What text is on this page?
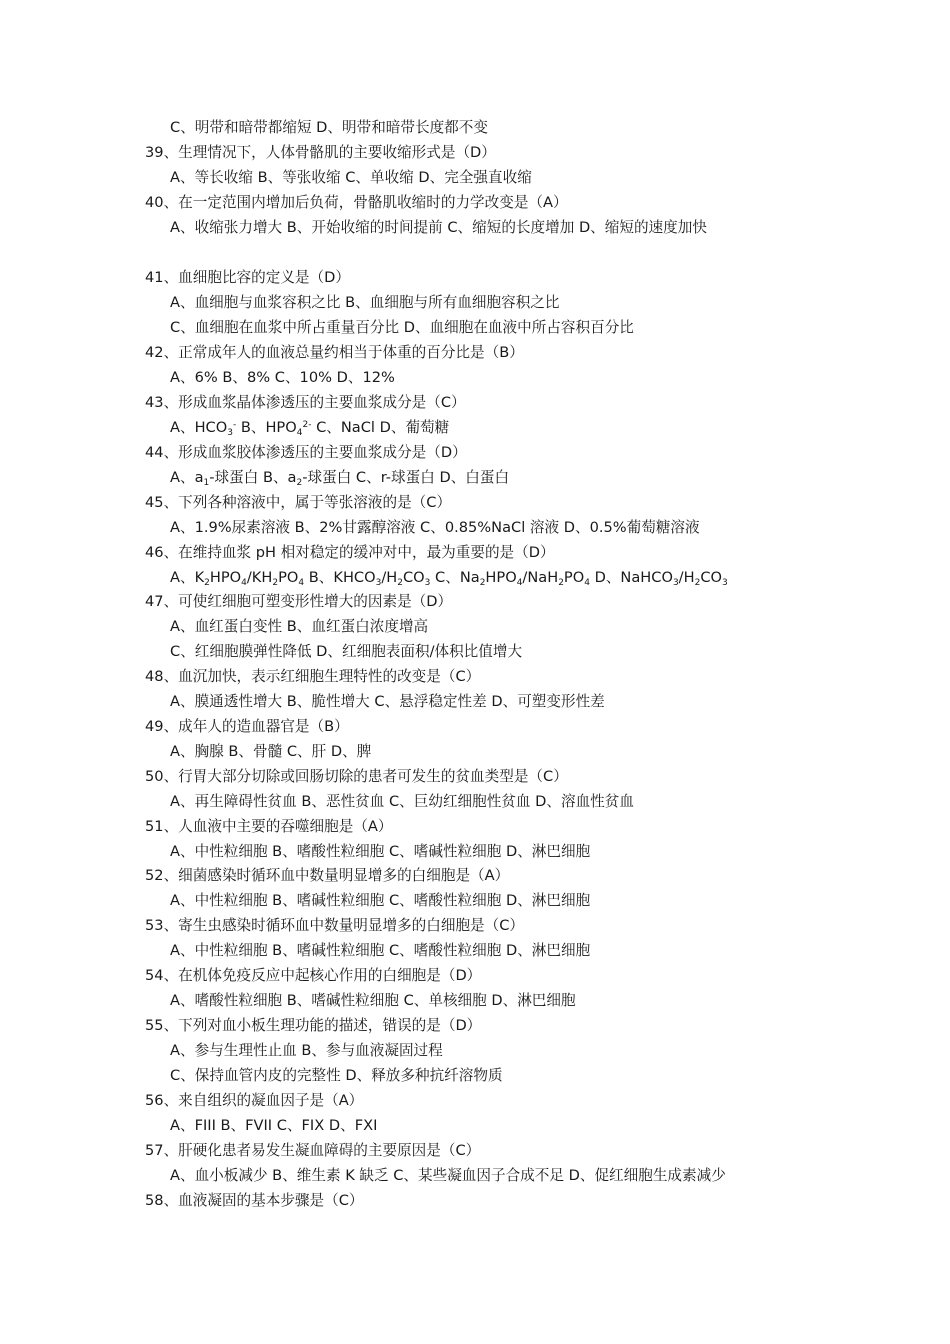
C、明带和暗带都缩短 D、明带和暗带长度都不变
39、生理情况下，人体骨骼肌的主要收缩形式是（D）
A、等长收缩 B、等张收缩 C、单收缩 D、完全强直收缩
40、在一定范围内增加后负荷，骨骼肌收缩时的力学改变是（A）
A、收缩张力增大 B、开始收缩的时间提前 C、缩短的长度增加 D、缩短的速度加快
41、血细胞比容的定义是（D）
A、血细胞与血浆容积之比 B、血细胞与所有血细胞容积之比
C、血细胞在血浆中所占重量百分比 D、血细胞在血液中所占容积百分比
42、正常成年人的血液总量约相当于体重的百分比是（B）
A、6% B、8% C、10% D、12%
43、形成血浆晶体渗透压的主要血浆成分是（C）
A、$HCO_3^-$ B、$HPO_4^{2-}$ C、NaCl D、葡萄糖
44、形成血浆胶体渗透压的主要血浆成分是（D）
A、$a_1-$球蛋白 B、$a_2-$球蛋白 C、r-球蛋白 D、白蛋白
45、下列各种溶液中，属于等张溶液的是（C）
A、1.9%尿素溶液 B、2%甘露醇溶液 C、0.85%NaCl 溶液 D、0.5%葡萄糖溶液
46、在维持血浆 pH 相对稳定的缓冲对中，最为重要的是（D）
A、$K_2HPO_4/KH_2PO_4$ B、$KHCO_3/H_2CO_3$ C、$Na_2HPO_4/NaH_2PO_4$ D、$NaHCO_3/H_2CO_3$
47、可使红细胞可塑变形性增大的因素是（D）
A、血红蛋白变性 B、血红蛋白浓度增高
C、红细胞膜弹性降低 D、红细胞表面积/体积比值增大
48、血沉加快，表示红细胞生理特性的改变是（C）
A、膜通透性增大 B、脆性增大 C、悬浮稳定性差 D、可塑变形性差
49、成年人的造血器官是（B）
A、胸腺 B、骨髓 C、肝 D、脾
50、行胃大部分切除或回肠切除的患者可发生的贫血类型是（C）
A、再生障碍性贫血 B、恶性贫血 C、巨幼红细胞性贫血 D、溶血性贫血
51、人血液中主要的吞噬细胞是（A）
A、中性粒细胞 B、嗜酸性粒细胞 C、嗜碱性粒细胞 D、淋巴细胞
52、细菌感染时循环血中数量明显增多的白细胞是（A）
A、中性粒细胞 B、嗜碱性粒细胞 C、嗜酸性粒细胞 D、淋巴细胞
53、寄生虫感染时循环血中数量明显增多的白细胞是（C）
A、中性粒细胞 B、嗜碱性粒细胞 C、嗜酸性粒细胞 D、淋巴细胞
54、在机体免疫反应中起核心作用的白细胞是（D）
A、嗜酸性粒细胞 B、嗜碱性粒细胞 C、单核细胞 D、淋巴细胞
55、下列对血小板生理功能的描述，错误的是（D）
A、参与生理性止血 B、参与血液凝固过程
C、保持血管内皮的完整性 D、释放多种抗纤溶物质
56、来自组织的凝血因子是（A）
A、FIII B、FVII C、FIX D、FXI
57、肝硬化患者易发生凝血障碍的主要原因是（C）
A、血小板减少 B、维生素 K 缺乏 C、某些凝血因子合成不足 D、促红细胞生成素减少
58、血液凝固的基本步骤是（C）
